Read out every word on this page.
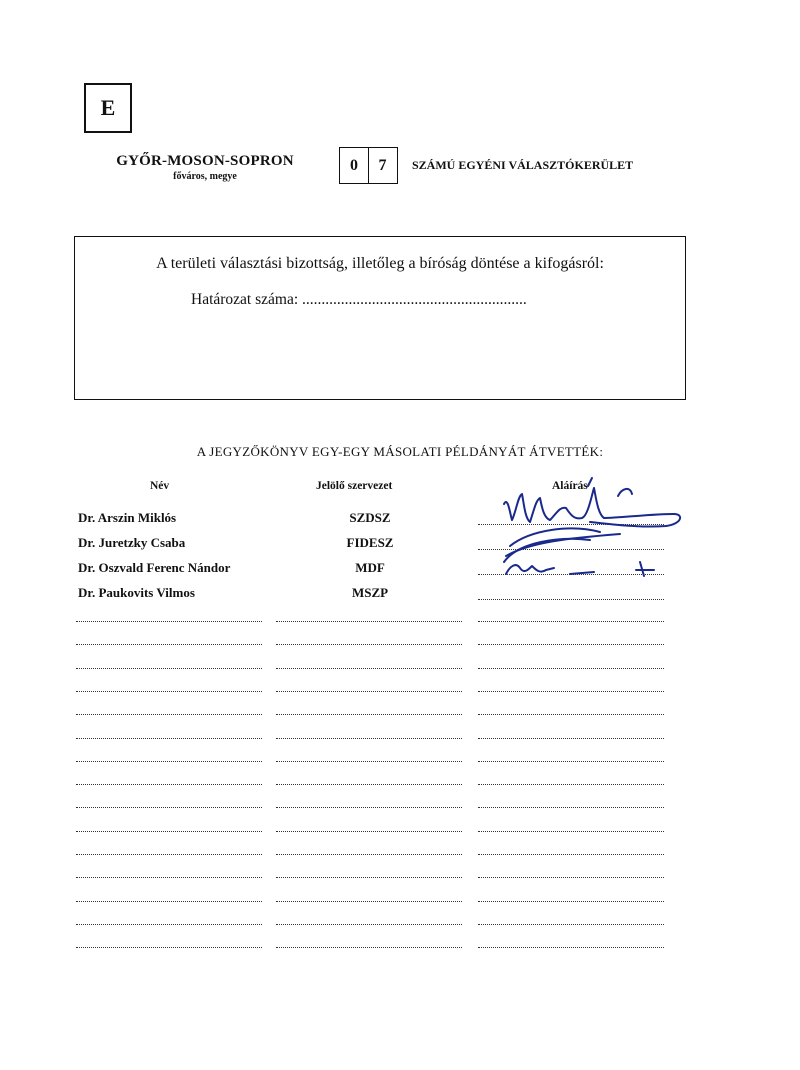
E
GYŐR-MOSON-SOPRON
főváros, megye
0	7	SZÁMÚ EGYÉNI VÁLASZTÓKERÜLET
A területi választási bizottság, illetőleg a bíróság döntése a kifogásról:
Határozat száma: ..........................................................
A JEGYZŐKÖNYV EGY-EGY MÁSOLATI PÉLDÁNYÁT ÁTVETTÉK:
Név	Jelölő szervezet	Aláírás
Dr. Arszin Miklós	SZDSZ
Dr. Juretzky Csaba	FIDESZ
Dr. Oszvald Ferenc Nándor	MDF
Dr. Paukovits Vilmos	MSZP
